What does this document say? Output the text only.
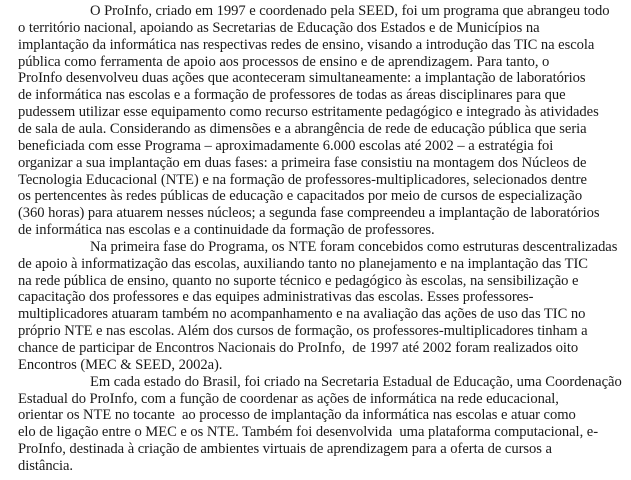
O ProInfo, criado em 1997 e coordenado pela SEED, foi um programa que abrangeu todo
o território nacional, apoiando as Secretarias de Educação dos Estados e de Municípios na
implantação da informática nas respectivas redes de ensino, visando a introdução das TIC na escola
pública como ferramenta de apoio aos processos de ensino e de aprendizagem. Para tanto, o
ProInfo desenvolveu duas ações que aconteceram simultaneamente: a implantação de laboratórios
de informática nas escolas e a formação de professores de todas as áreas disciplinares para que
pudessem utilizar esse equipamento como recurso estritamente pedagógico e integrado às atividades
de sala de aula. Considerando as dimensões e a abrangência de rede de educação pública que seria
beneficiada com esse Programa – aproximadamente 6.000 escolas até 2002 – a estratégia foi
organizar a sua implantação em duas fases: a primeira fase consistiu na montagem dos Núcleos de
Tecnologia Educacional (NTE) e na formação de professores-multiplicadores, selecionados dentre
os pertencentes às redes públicas de educação e capacitados por meio de cursos de especialização
(360 horas) para atuarem nesses núcleos; a segunda fase compreendeu a implantação de laboratórios
de informática nas escolas e a continuidade da formação de professores.
Na primeira fase do Programa, os NTE foram concebidos como estruturas descentralizadas
de apoio à informatização das escolas, auxiliando tanto no planejamento e na implantação das TIC
na rede pública de ensino, quanto no suporte técnico e pedagógico às escolas, na sensibilização e
capacitação dos professores e das equipes administrativas das escolas. Esses professores-
multiplicadores atuaram também no acompanhamento e na avaliação das ações de uso das TIC no
próprio NTE e nas escolas. Além dos cursos de formação, os professores-multiplicadores tinham a
chance de participar de Encontros Nacionais do ProInfo,  de 1997 até 2002 foram realizados oito
Encontros (MEC & SEED, 2002a).
Em cada estado do Brasil, foi criado na Secretaria Estadual de Educação, uma Coordenação
Estadual do ProInfo, com a função de coordenar as ações de informática na rede educacional,
orientar os NTE no tocante  ao processo de implantação da informática nas escolas e atuar como
elo de ligação entre o MEC e os NTE. Também foi desenvolvida  uma plataforma computacional, e-
ProInfo, destinada à criação de ambientes virtuais de aprendizagem para a oferta de cursos a
distância.
